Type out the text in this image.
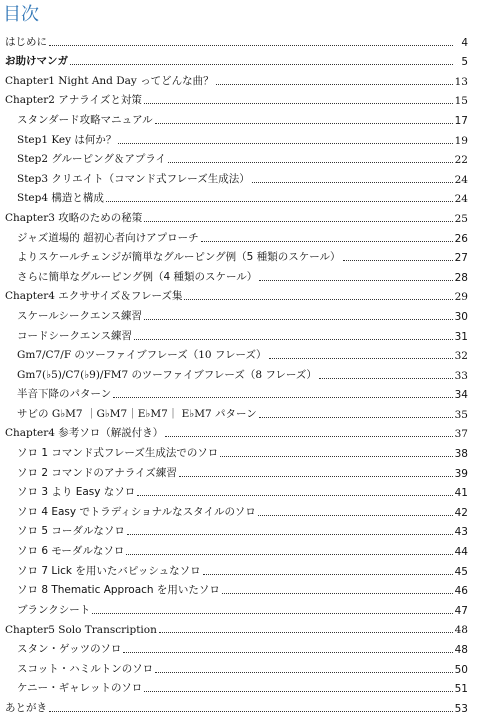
目次
はじめに	4
お助けマンガ	5
Chapter1 Night And Day ってどんな曲？	13
Chapter2 アナライズと対策	15
スタンダード攻略マニュアル	17
Step1 Key は何か？	19
Step2 グルーピング＆アプライ	22
Step3 クリエイト（コマンド式フレーズ生成法）	24
Step4 構造と構成	24
Chapter3 攻略のための秘策	25
ジャズ道場的 超初心者向けアプローチ	26
よりスケールチェンジが簡単なグルーピング例（5 種類のスケール）	27
さらに簡単なグルーピング例（4 種類のスケール）	28
Chapter4 エクササイズ＆フレーズ集	29
スケールシークエンス練習	30
コードシークエンス練習	31
Gm7/C7/F のツーファイブフレーズ（10 フレーズ）	32
Gm7(♭5)/C7(♭9)/FM7 のツーファイブフレーズ（8 フレーズ）	33
半音下降のパターン	34
サビの G♭M7 ｜G♭M7｜E♭M7｜ E♭M7 パターン	35
Chapter4 参考ソロ（解説付き）	37
ソロ 1 コマンド式フレーズ生成法でのソロ	38
ソロ 2 コマンドのアナライズ練習	39
ソロ 3 より Easy なソロ	41
ソロ 4 Easy でトラディショナルなスタイルのソロ	42
ソロ 5 コーダルなソロ	43
ソロ 6 モーダルなソロ	44
ソロ 7 Lick を用いたバピッシュなソロ	45
ソロ 8 Thematic Approach を用いたソロ	46
ブランクシート	47
Chapter5 Solo Transcription	48
スタン・ゲッツのソロ	48
スコット・ハミルトンのソロ	50
ケニー・ギャレットのソロ	51
あとがき	53
